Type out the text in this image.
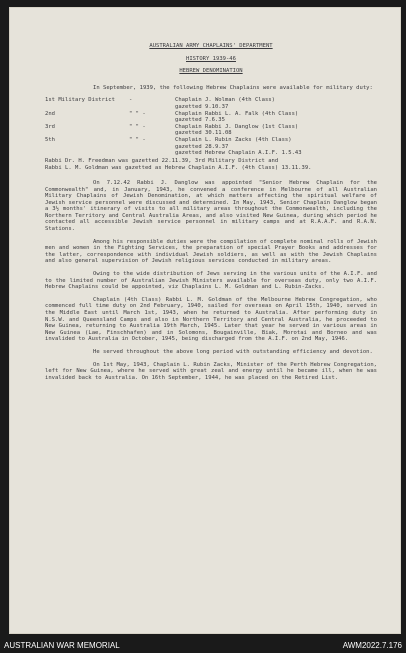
AUSTRALIAN ARMY CHAPLAINS' DEPARTMENT
HISTORY 1939-46
HEBREW DENOMINATION

In September, 1939, the following Hebrew Chaplains were available for military duty:

1st Military District	-	Chaplain J. Wolman (4th Class)
gazetted 9.10.37
2nd	" " -	Chaplain Rabbi L. A. Falk (4th Class)
gazetted 7.6.35
3rd	" " -	Chaplain Rabbi J. Danglow (1st Class)
gazetted 30.11.08
5th	" " -	Chaplain L. Rubin Zacks (4th Class)
gazetted 28.9.37
gazetted Hebrew Chaplain A.I.F. 1.5.43
Rabbi Dr. H. Freedman was gazetted 22.11.39, 3rd Military District and
Rabbi L. M. Goldman was gazetted as Hebrew Chaplain A.I.F. (4th Class) 13.11.39.

On 7.12.42 Rabbi J. Danglow was appointed "Senior Hebrew Chaplain for the Commonwealth" and, in January, 1943, he convened a conference in Melbourne of all Australian Military Chaplains of Jewish Denomination, at which matters affecting the spiritual welfare of Jewish service personnel were discussed and determined. In May, 1943, Senior Chaplain Danglow began a 3½ months' itinerary of visits to all military areas throughout the Commonwealth, including the Northern Territory and Central Australia Areas, and also visited New Guinea, during which period he contacted all accessible Jewish service personnel in military camps and at R.A.A.F. and R.A.N. Stations.

Among his responsible duties were the compilation of complete nominal rolls of Jewish men and women in the Fighting Services, the preparation of special Prayer Books and addresses for the latter, correspondence with individual Jewish soldiers, as well as with the Jewish Chaplains and also general supervision of Jewish religious services conducted in military areas.

Owing to the wide distribution of Jews serving in the various units of the A.I.F. and to the limited number of Australian Jewish Ministers available for overseas duty, only two A.I.F. Hebrew Chaplains could be appointed, viz Chaplains L. M. Goldman and L. Rubin-Zacks.

Chaplain (4th Class) Rabbi L. M. Goldman of the Melbourne Hebrew Congregation, who commenced full time duty on 2nd February, 1940, sailed for overseas on April 15th, 1940, served in the Middle East until March 1st, 1943, when he returned to Australia. After performing duty in N.S.W. and Queensland Camps and also in Northern Territory and Central Australia, he proceeded to New Guinea, returning to Australia 19th March, 1945. Later that year he served in various areas in New Guinea (Lae, Finschhafen) and in Solomons, Bougainville, Biak, Morotai and Borneo and was invalided to Australia in October, 1945, being discharged from the A.I.F. on 2nd May, 1946.

He served throughout the above long period with outstanding efficiency and devotion.

On 1st May, 1943, Chaplain L. Rubin Zacks, Minister of the Perth Hebrew Congregation, left for New Guinea, where he served with great zeal and energy until he became ill, when he was invalided back to Australia. On 16th September, 1944, he was placed on the Retired List.

AUSTRALIAN WAR MEMORIAL	AWM2022.7.176
